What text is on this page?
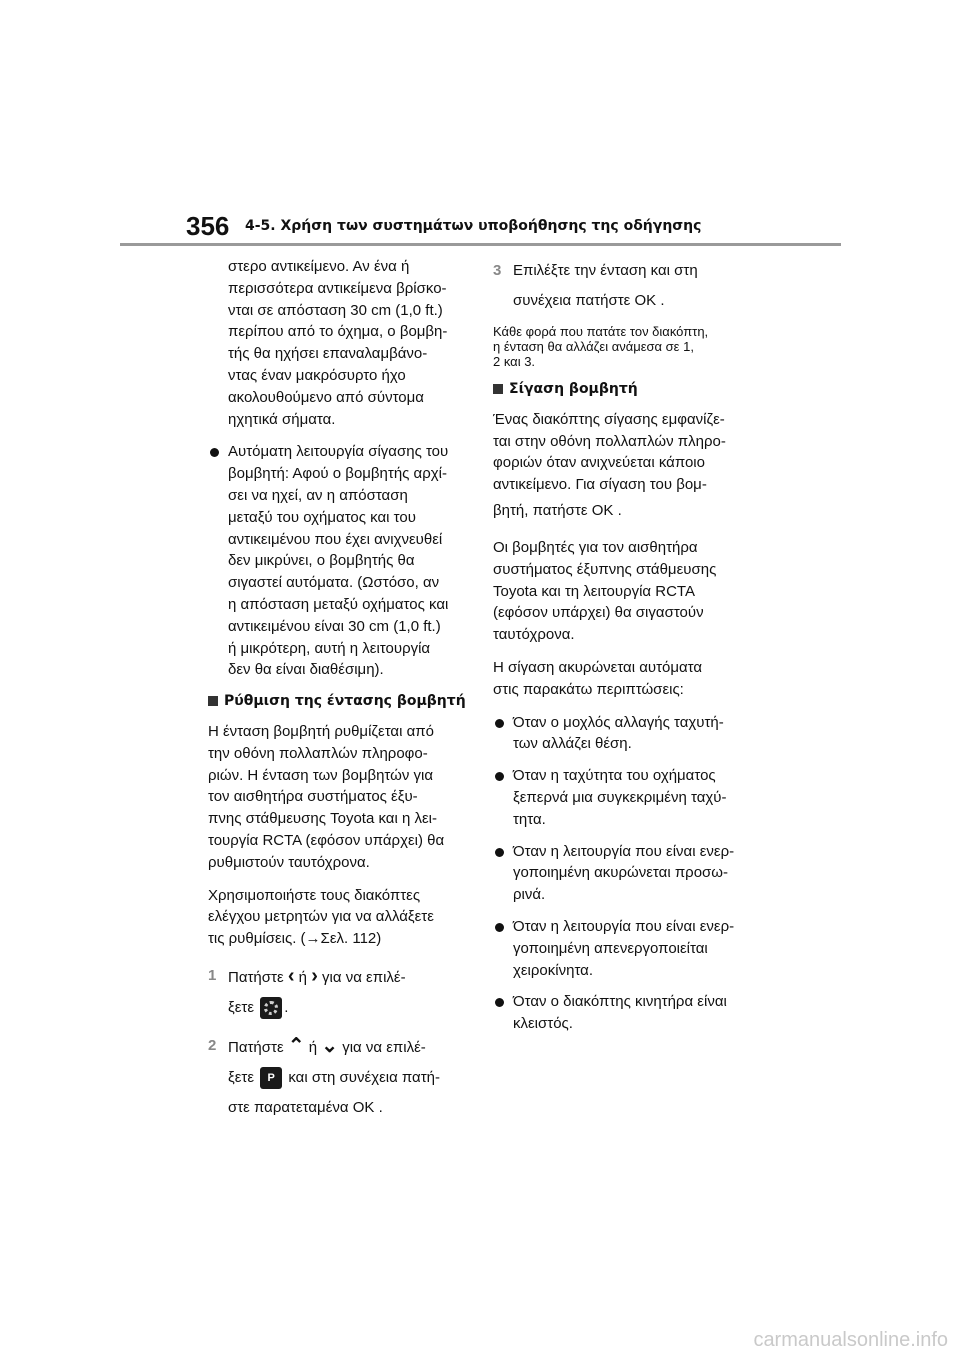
356 4-5. Χρήση των συστημάτων υποβοήθησης της οδήγησης
στερο αντικείμενο. Αν ένα ή
περισσότερα αντικείμενα βρίσκο-
νται σε απόσταση 30 cm (1,0 ft.)
περίπου από το όχημα, ο βομβη-
τής θα ηχήσει επαναλαμβάνο-
ντας έναν μακρόσυρτο ήχο
ακολουθούμενο από σύντομα
ηχητικά σήματα.
Αυτόματη λειτουργία σίγασης του
βομβητή: Αφού ο βομβητής αρχί-
σει να ηχεί, αν η απόσταση
μεταξύ του οχήματος και του
αντικειμένου που έχει ανιχνευθεί
δεν μικρύνει, ο βομβητής θα
σιγαστεί αυτόματα. (Ωστόσο, αν
η απόσταση μεταξύ οχήματος και
αντικειμένου είναι 30 cm (1,0 ft.)
ή μικρότερη, αυτή η λειτουργία
δεν θα είναι διαθέσιμη).
Ρύθμιση της έντασης βομβητή
Η ένταση βομβητή ρυθμίζεται από
την οθόνη πολλαπλών πληροφο-
ριών. Η ένταση των βομβητών για
τον αισθητήρα συστήματος έξυ-
πνης στάθμευσης Toyota και η λει-
τουργία RCTA (εφόσον υπάρχει) θα
ρυθμιστούν ταυτόχρονα.
Χρησιμοποιήστε τους διακόπτες
ελέγχου μετρητών για να αλλάξετε
τις ρυθμίσεις. (→Σελ. 112)
1 Πατήστε ‹ ή › για να επιλέ-
ξετε .
2 Πατήστε ⌃ ή ⌄ για να επιλέ-
ξετε P και στη συνέχεια πατή-
στε παρατεταμένα OK .
3 Επιλέξτε την ένταση και στη
συνέχεια πατήστε OK .
Κάθε φορά που πατάτε τον διακόπτη,
η ένταση θα αλλάζει ανάμεσα σε 1,
2 και 3.
Σίγαση βομβητή
Ένας διακόπτης σίγασης εμφανίζε-
ται στην οθόνη πολλαπλών πληρο-
φοριών όταν ανιχνεύεται κάποιο
αντικείμενο. Για σίγαση του βομ-
βητή, πατήστε OK .
Οι βομβητές για τον αισθητήρα
συστήματος έξυπνης στάθμευσης
Toyota και τη λειτουργία RCTA
(εφόσον υπάρχει) θα σιγαστούν
ταυτόχρονα.
Η σίγαση ακυρώνεται αυτόματα
στις παρακάτω περιπτώσεις:
Όταν ο μοχλός αλλαγής ταχυτή-
των αλλάζει θέση.
Όταν η ταχύτητα του οχήματος
ξεπερνά μια συγκεκριμένη ταχύ-
τητα.
Όταν η λειτουργία που είναι ενερ-
γοποιημένη ακυρώνεται προσω-
ρινά.
Όταν η λειτουργία που είναι ενερ-
γοποιημένη απενεργοποιείται
χειροκίνητα.
Όταν ο διακόπτης κινητήρα είναι
κλειστός.
carmanualsonline.info
